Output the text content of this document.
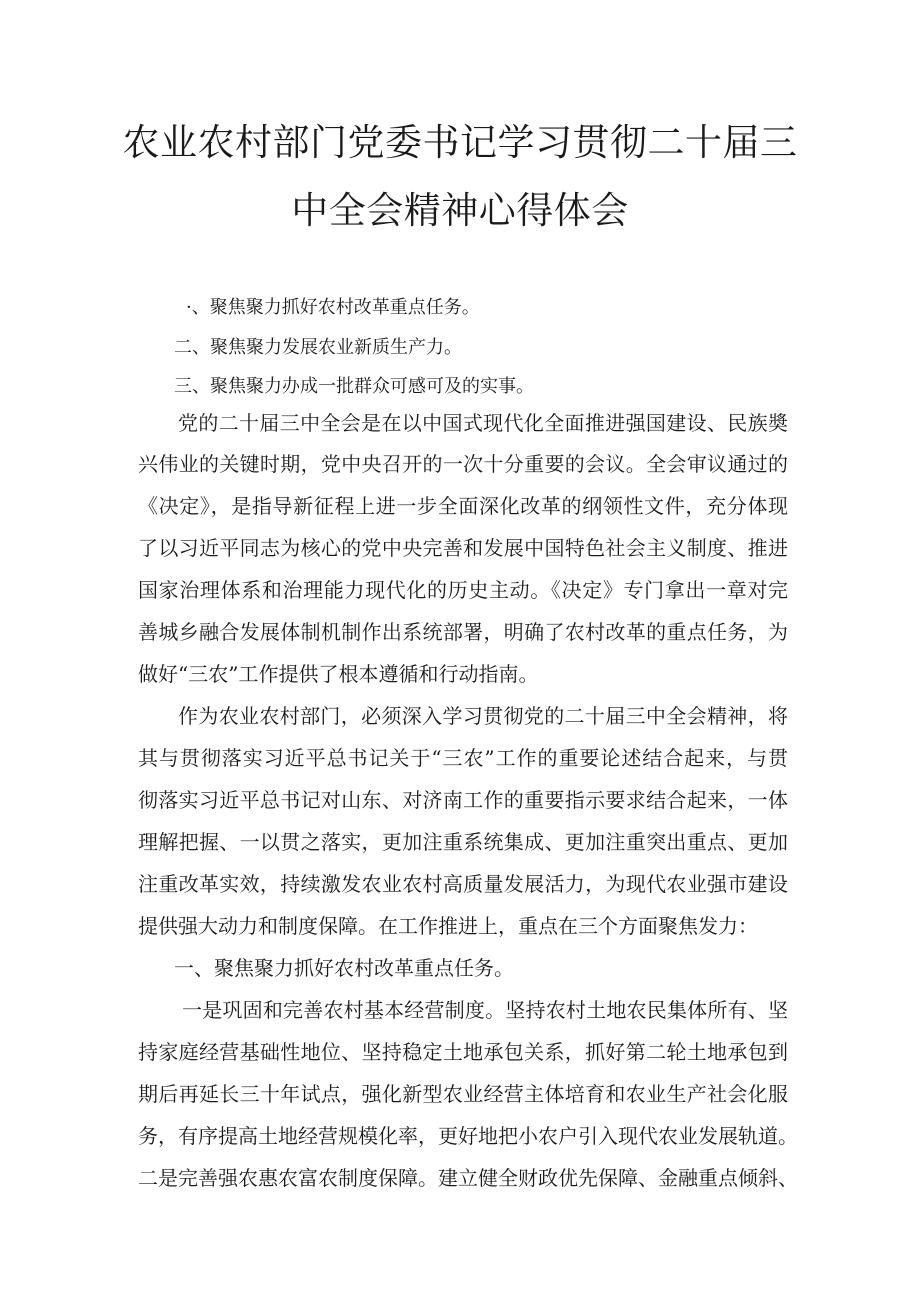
农业农村部门党委书记学习贯彻二十届三
中全会精神心得体会
·、聚焦聚力抓好农村改革重点任务。
二、聚焦聚力发展农业新质生产力。
三、聚焦聚力办成一批群众可感可及的实事。
党的二十届三中全会是在以中国式现代化全面推进强国建设、民族奬
兴伟业的关键时期，党中央召开的一次十分重要的会议。全会审议通过的
《决定》，是指导新征程上进一步全面深化改革的纲领性文件，充分体现
了以习近平同志为核心的党中央完善和发展中国特色社会主义制度、推进
国家治理体系和治理能力现代化的历史主动。《决定》专门拿出一章对完
善城乡融合发展体制机制作出系统部署，明确了农村改革的重点任务，为
做好“三农”工作提供了根本遵循和行动指南。
作为农业农村部门，必须深入学习贯彻党的二十届三中全会精神，将
其与贯彻落实习近平总书记关于“三农”工作的重要论述结合起来，与贯
彻落实习近平总书记对山东、对济南工作的重要指示要求结合起来，一体
理解把握、一以贯之落实，更加注重系统集成、更加注重突出重点、更加
注重改革实效，持续激发农业农村高质量发展活力，为现代农业强市建设
提供强大动力和制度保障。在工作推进上，重点在三个方面聚焦发力：
一、聚焦聚力抓好农村改革重点任务。
一是巩固和完善农村基本经营制度。坚持农村土地农民集体所有、坚
持家庭经营基础性地位、坚持稳定土地承包关系，抓好第二轮土地承包到
期后再延长三十年试点，强化新型农业经营主体培育和农业生产社会化服
务，有序提高土地经营规模化率，更好地把小农户引入现代农业发展轨道。
二是完善强农惠农富农制度保障。建立健全财政优先保障、金融重点倾斜、
